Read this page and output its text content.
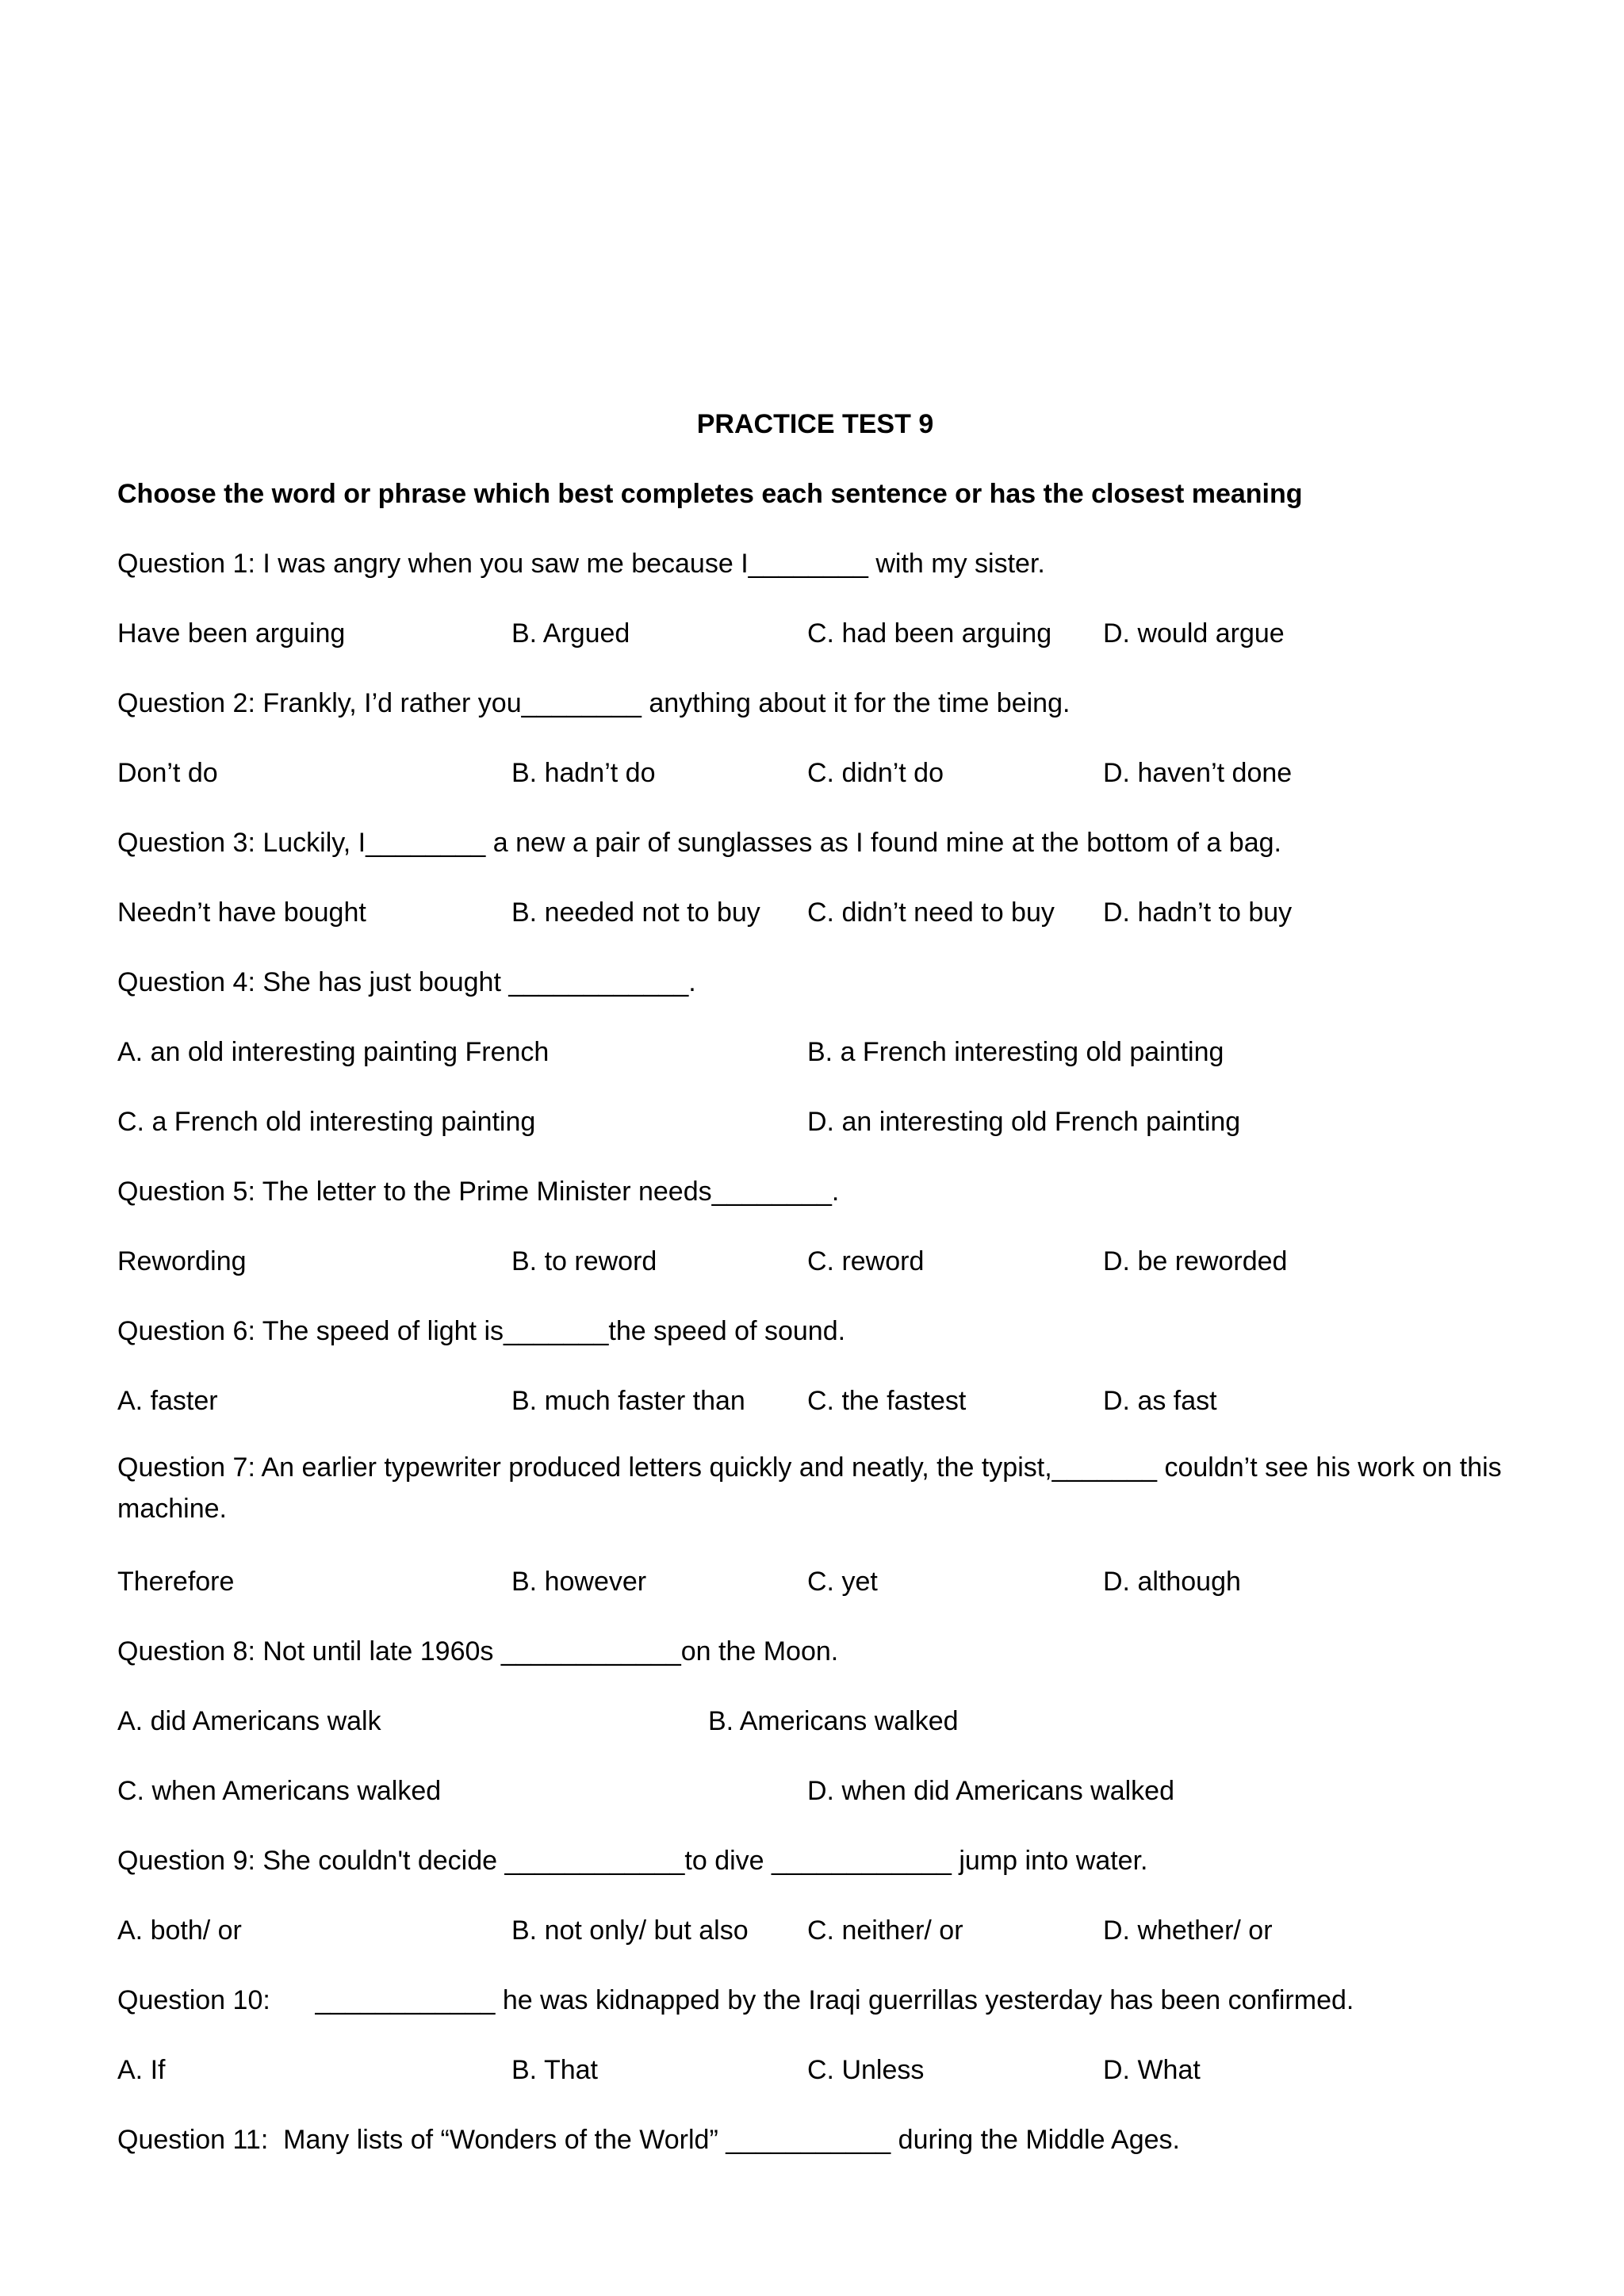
PRACTICE TEST 9

Choose the word or phrase which best completes each sentence or has the closest meaning

Question 1: I was angry when you saw me because I________ with my sister.

Have been arguing	B. Argued	C. had been arguing D. would argue

Question 2: Frankly, I’d rather you________ anything about it for the time being.

Don’t do	B. hadn’t do	C. didn’t do	D. haven’t done

Question 3: Luckily, I________ a new a pair of sunglasses as I found mine at the bottom of a bag.

Needn’t have bought	B. needed not to buy C. didn’t need to buy D. hadn’t to buy

Question 4: She has just bought ____________.

A. an old interesting painting French	B. a French interesting old painting
C. a French old interesting painting	D. an interesting old French painting

Question 5: The letter to the Prime Minister needs________.

Rewording	B. to reword	C. reword	D. be reworded

Question 6: The speed of light is_______the speed of sound.

A. faster	B. much faster than C. the fastest	D. as fast

Question 7: An earlier typewriter produced letters quickly and neatly, the typist,_______ couldn’t see his work on this machine.

Therefore	B. however	C. yet	D. although

Question 8: Not until late 1960s ____________on the Moon.

A. did Americans walk	B. Americans walked
C. when Americans walked	D. when did Americans walked

Question 9: She couldn't decide ____________to dive ____________ jump into water.

A. both/ or	B. not only/ but also C. neither/ or	D. whether/ or

Question 10:      ____________ he was kidnapped by the Iraqi guerrillas yesterday has been confirmed.

A. If	B. That	C. Unless	D. What

Question 11:  Many lists of “Wonders of the World” ___________ during the Middle Ages.
